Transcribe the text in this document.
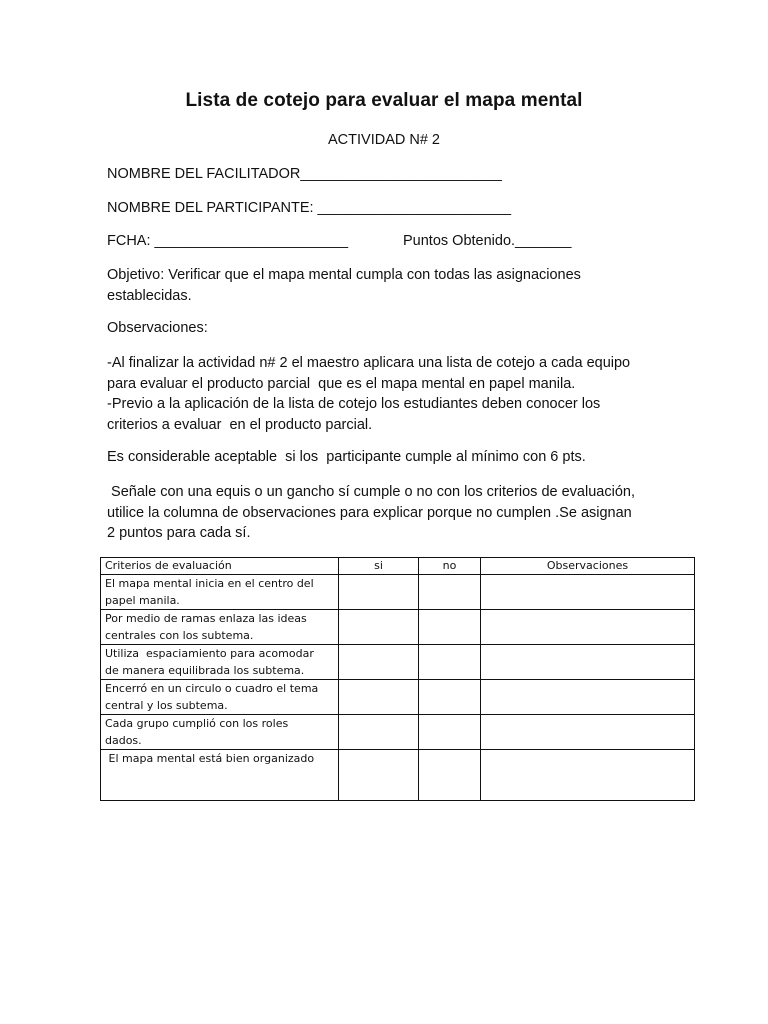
Lista de cotejo para evaluar el mapa mental
ACTIVIDAD N# 2
NOMBRE DEL FACILITADOR_________________________
NOMBRE DEL PARTICIPANTE: ________________________
FCHA: ________________________	Puntos Obtenido._______
Objetivo: Verificar que el mapa mental cumpla con todas las asignaciones
establecidas.
Observaciones:
-Al finalizar la actividad n# 2 el maestro aplicara una lista de cotejo a cada equipo
para evaluar el producto parcial  que es el mapa mental en papel manila.
-Previo a la aplicación de la lista de cotejo los estudiantes deben conocer los
criterios a evaluar  en el producto parcial.
Es considerable aceptable  si los  participante cumple al mínimo con 6 pts.
Señale con una equis o un gancho sí cumple o no con los criterios de evaluación,
utilice la columna de observaciones para explicar porque no cumplen .Se asignan
2 puntos para cada sí.
Criterios de evaluación	si	no	Observaciones

El mapa mental inicia en el centro del
papel manila.			

Por medio de ramas enlaza las ideas
centrales con los subtema.			

Utiliza  espaciamiento para acomodar
de manera equilibrada los subtema.			

Encerró en un circulo o cuadro el tema
central y los subtema.			

Cada grupo cumplió con los roles
dados.			

El mapa mental está bien organizado			
